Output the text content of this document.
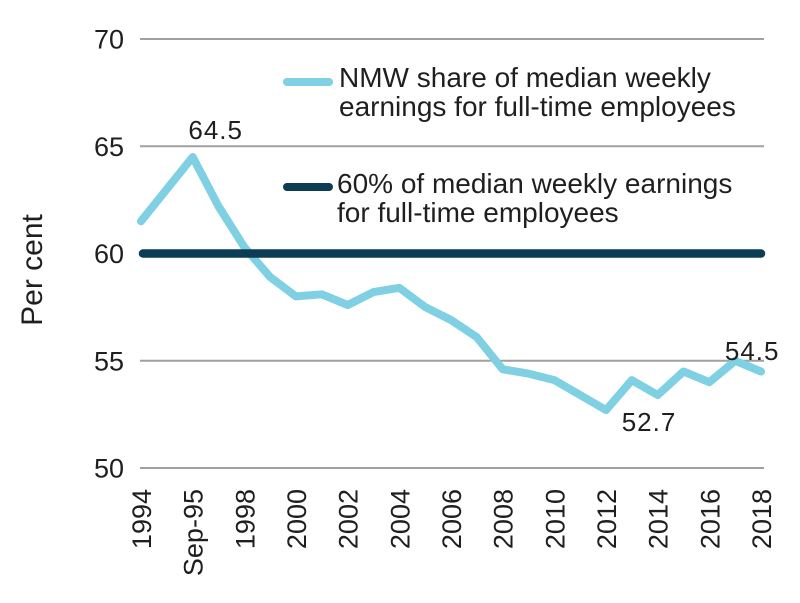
70
65
60
55
50
1994 Sep-95 1998 2000 2002 2004 2006 2008 2010 2012 2014 2016 2018
64.5
52.7
54.5
Per cent
NMW share of median weekly
earnings for full-time employees
60% of median weekly earnings
for full-time employees
